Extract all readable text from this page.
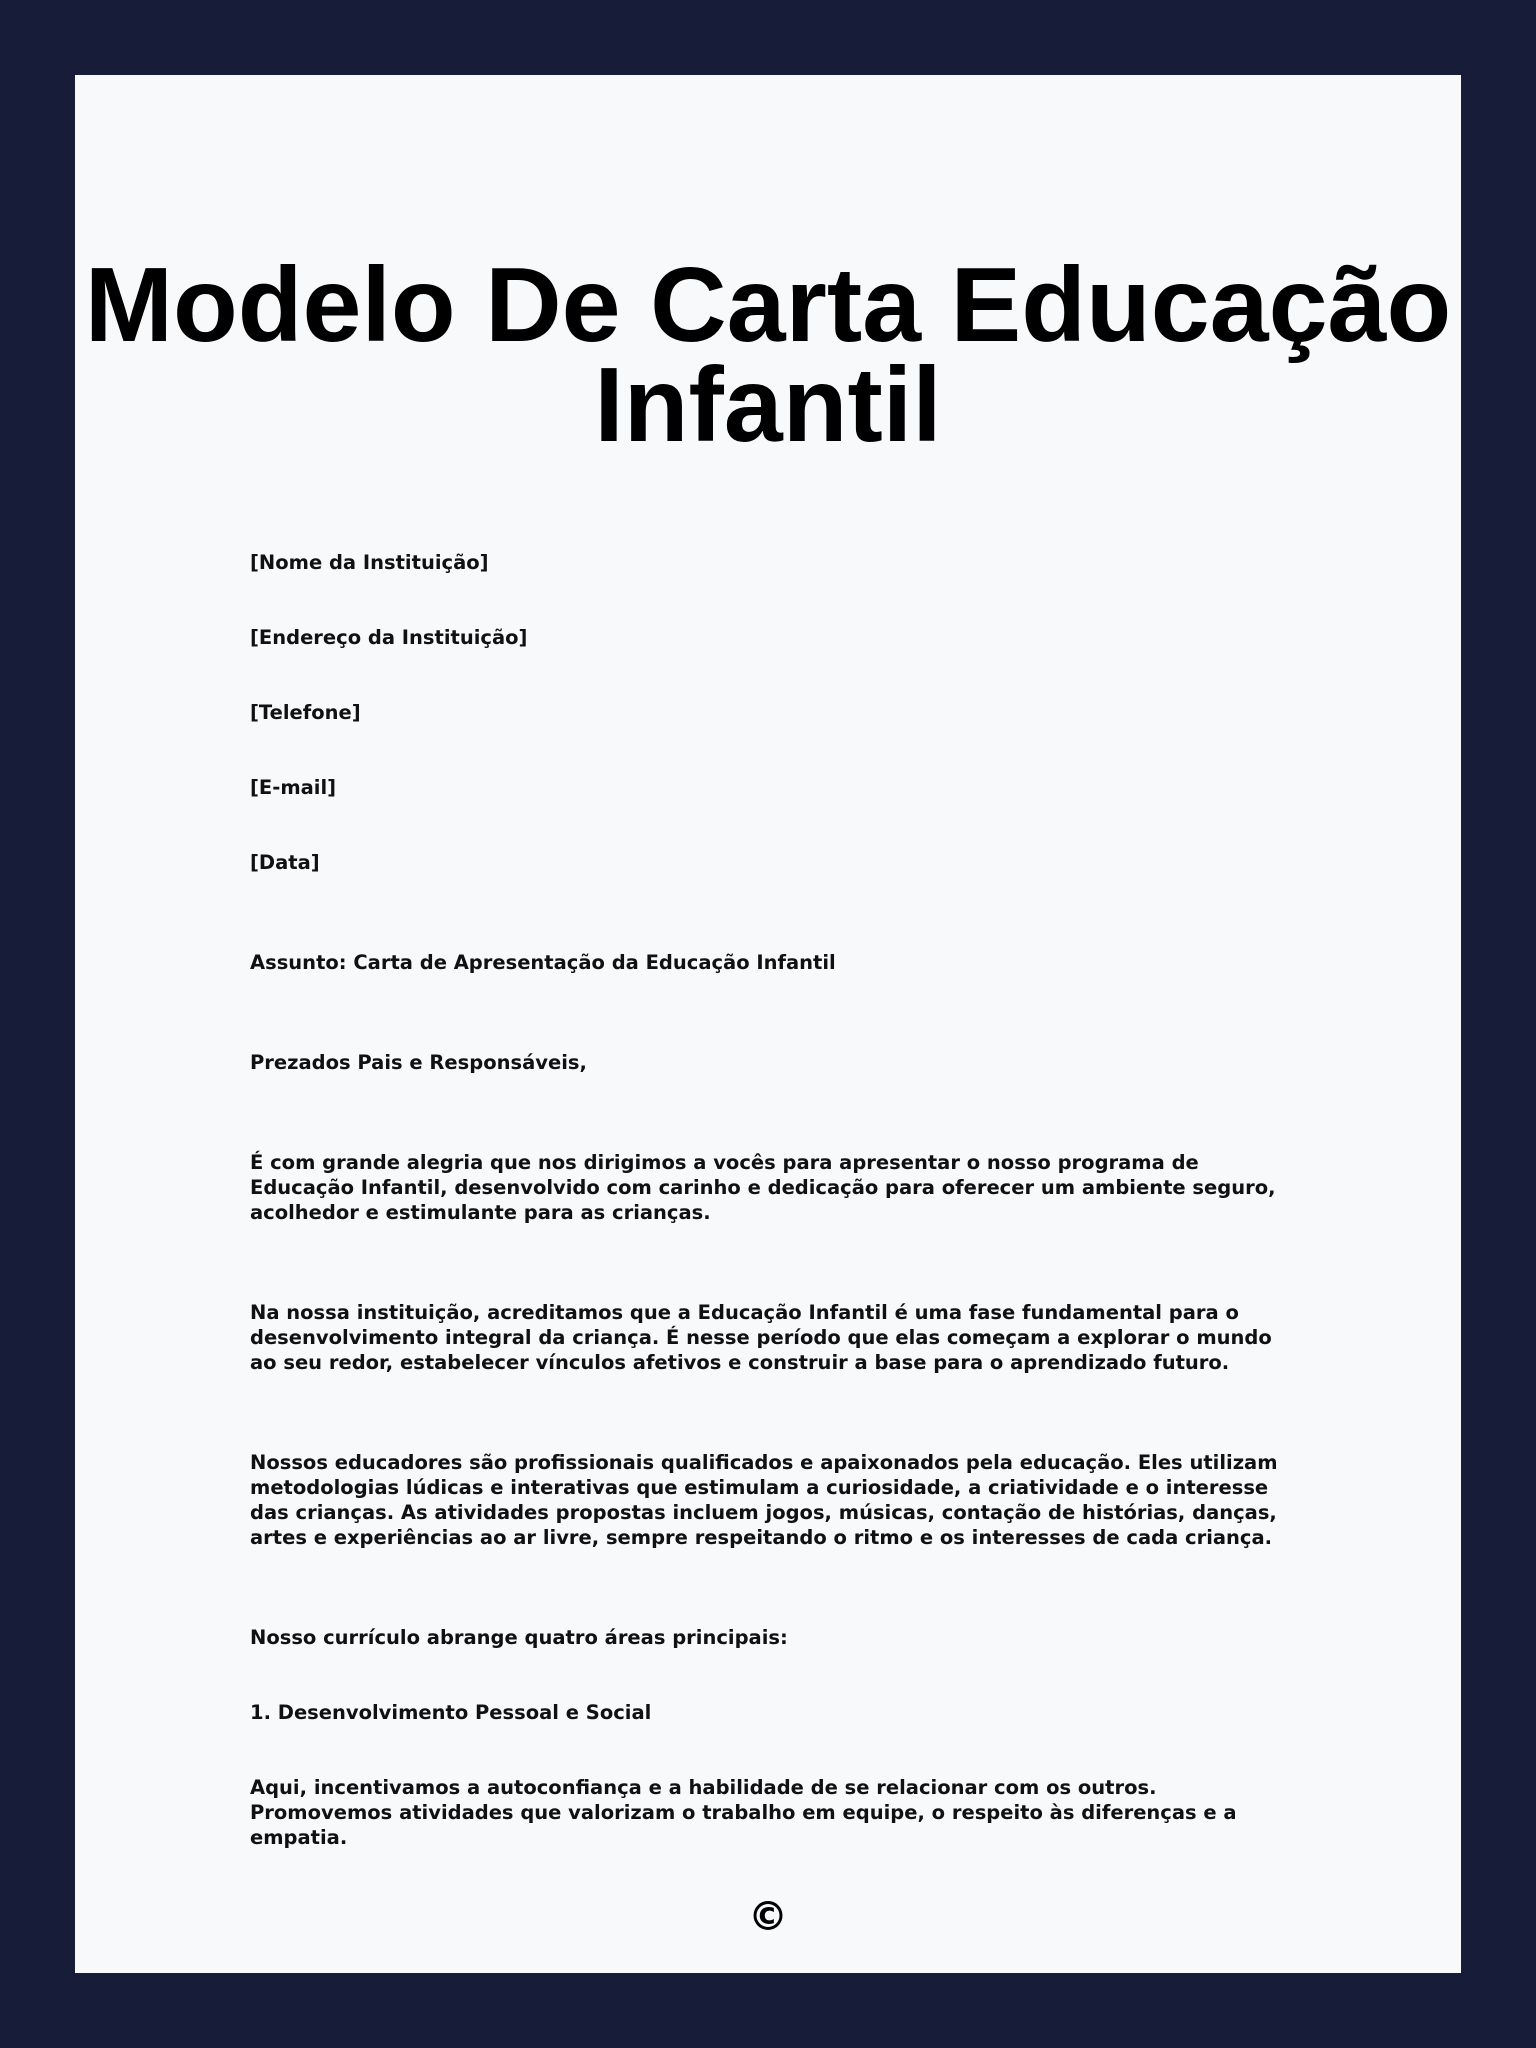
Modelo De Carta Educação Infantil

[Nome da Instituição]

[Endereço da Instituição]

[Telefone]

[E-mail]

[Data]

Assunto: Carta de Apresentação da Educação Infantil

Prezados Pais e Responsáveis,

É com grande alegria que nos dirigimos a vocês para apresentar o nosso programa de Educação Infantil, desenvolvido com carinho e dedicação para oferecer um ambiente seguro, acolhedor e estimulante para as crianças.

Na nossa instituição, acreditamos que a Educação Infantil é uma fase fundamental para o desenvolvimento integral da criança. É nesse período que elas começam a explorar o mundo ao seu redor, estabelecer vínculos afetivos e construir a base para o aprendizado futuro.

Nossos educadores são profissionais qualificados e apaixonados pela educação. Eles utilizam metodologias lúdicas e interativas que estimulam a curiosidade, a criatividade e o interesse das crianças. As atividades propostas incluem jogos, músicas, contação de histórias, danças, artes e experiências ao ar livre, sempre respeitando o ritmo e os interesses de cada criança.

Nosso currículo abrange quatro áreas principais:

1. Desenvolvimento Pessoal e Social

Aqui, incentivamos a autoconfiança e a habilidade de se relacionar com os outros. Promovemos atividades que valorizam o trabalho em equipe, o respeito às diferenças e a empatia.

©
